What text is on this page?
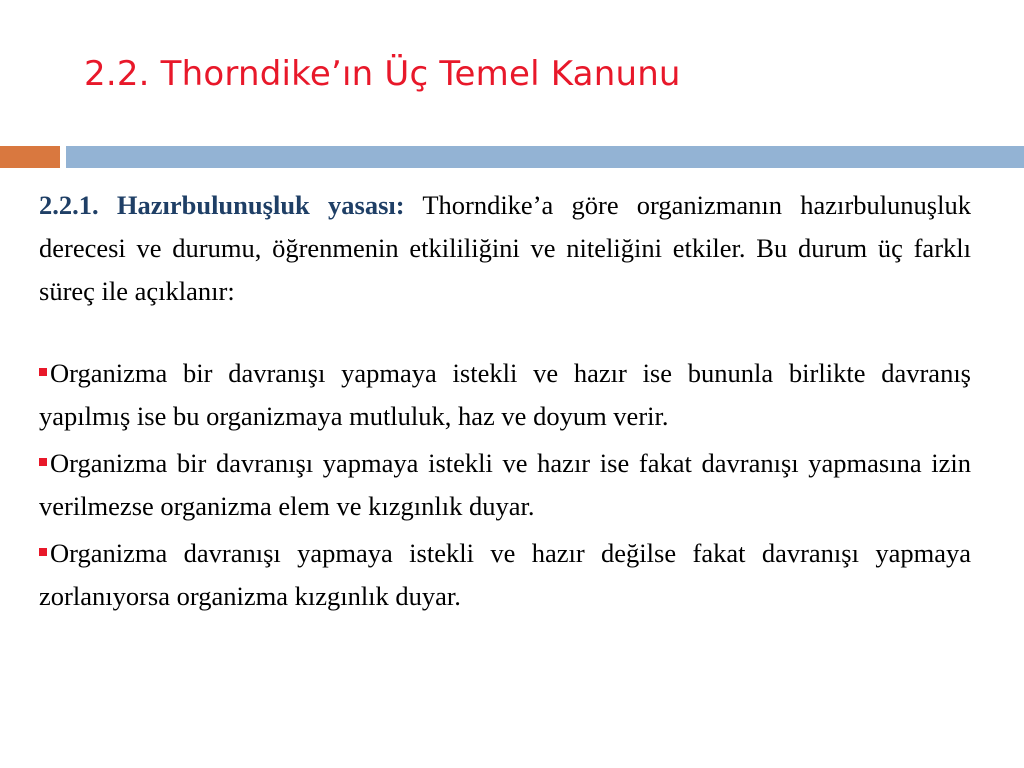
2.2. Thorndike’ın Üç Temel Kanunu

2.2.1. Hazırbulunuşluk yasası: Thorndike’a göre organizmanın hazırbulunuşluk derecesi ve durumu, öğrenmenin etkililiğini ve niteliğini etkiler. Bu durum üç farklı süreç ile açıklanır:

Organizma bir davranışı yapmaya istekli ve hazır ise bununla birlikte davranış yapılmış ise bu organizmaya mutluluk, haz ve doyum verir.

Organizma bir davranışı yapmaya istekli ve hazır ise fakat davranışı yapmasına izin verilmezse organizma elem ve kızgınlık duyar.

Organizma davranışı yapmaya istekli ve hazır değilse fakat davranışı yapmaya zorlanıyorsa organizma kızgınlık duyar.
